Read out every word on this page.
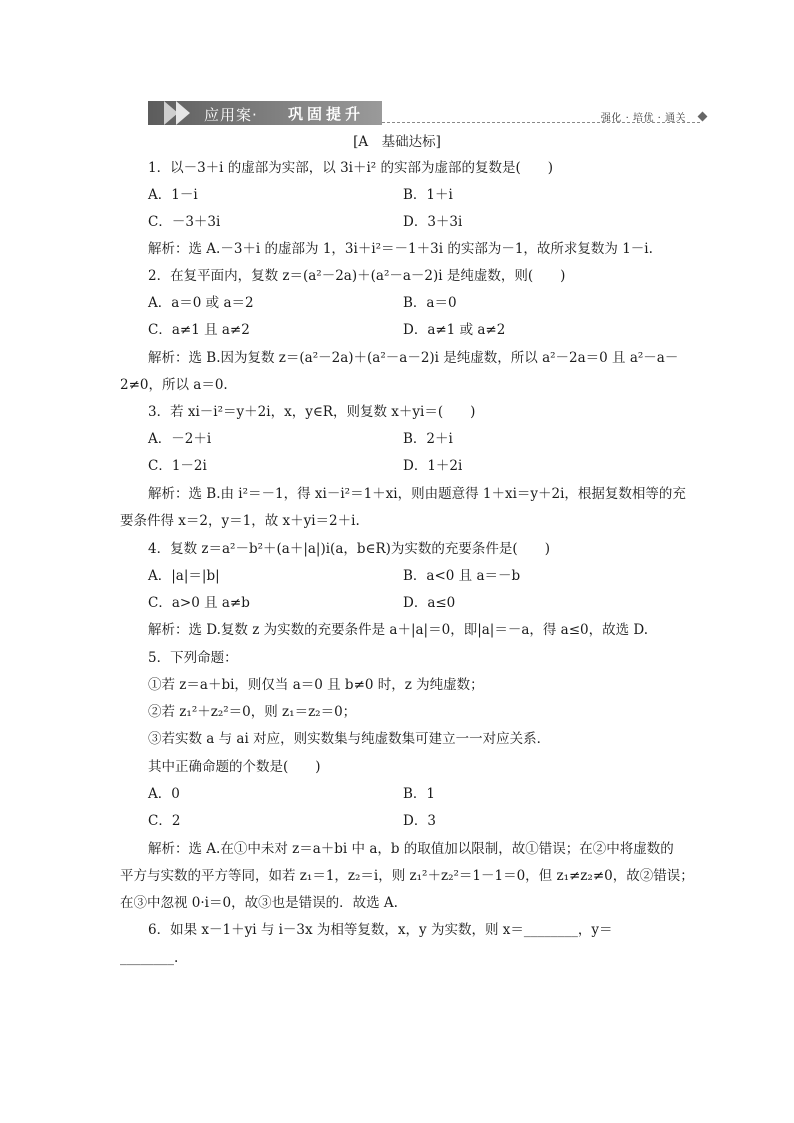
应用案· 巩固提升	强化 · 培优 · 通关
[A　基础达标]
1．以－3＋i 的虚部为实部，以 3i＋i² 的实部为虚部的复数是(　　)
A．1－i	B．1＋i
C．－3＋3i	D．3＋3i
解析：选 A.－3＋i 的虚部为 1，3i＋i²＝－1＋3i 的实部为－1，故所求复数为 1－i.
2．在复平面内，复数 z＝(a²－2a)＋(a²－a－2)i 是纯虚数，则(　　)
A．a＝0 或 a＝2	B．a＝0
C．a≠1 且 a≠2	D．a≠1 或 a≠2
解析：选 B.因为复数 z＝(a²－2a)＋(a²－a－2)i 是纯虚数，所以 a²－2a＝0 且 a²－a－
2≠0，所以 a＝0.
3．若 xi－i²＝y＋2i，x，y∈R，则复数 x＋yi＝(　　)
A．－2＋i	B．2＋i
C．1－2i	D．1＋2i
解析：选 B.由 i²＝－1，得 xi－i²＝1＋xi，则由题意得 1＋xi＝y＋2i，根据复数相等的充
要条件得 x＝2，y＝1，故 x＋yi＝2＋i.
4．复数 z＝a²－b²＋(a＋|a|)i(a，b∈R)为实数的充要条件是(　　)
A．|a|＝|b|	B．a<0 且 a＝－b
C．a>0 且 a≠b	D．a≤0
解析：选 D.复数 z 为实数的充要条件是 a＋|a|＝0，即|a|＝－a，得 a≤0，故选 D.
5．下列命题：
①若 z＝a＋bi，则仅当 a＝0 且 b≠0 时，z 为纯虚数；
②若 z₁²＋z₂²＝0，则 z₁＝z₂＝0；
③若实数 a 与 ai 对应，则实数集与纯虚数集可建立一一对应关系．
其中正确命题的个数是(　　)
A．0	B．1
C．2	D．3
解析：选 A.在①中未对 z＝a＋bi 中 a，b 的取值加以限制，故①错误；在②中将虚数的
平方与实数的平方等同，如若 z₁＝1，z₂＝i，则 z₁²＋z₂²＝1－1＝0，但 z₁≠z₂≠0，故②错误；
在③中忽视 0·i＝0，故③也是错误的．故选 A.
6．如果 x－1＋yi 与 i－3x 为相等复数，x，y 为实数，则 x＝________，y＝
________.
